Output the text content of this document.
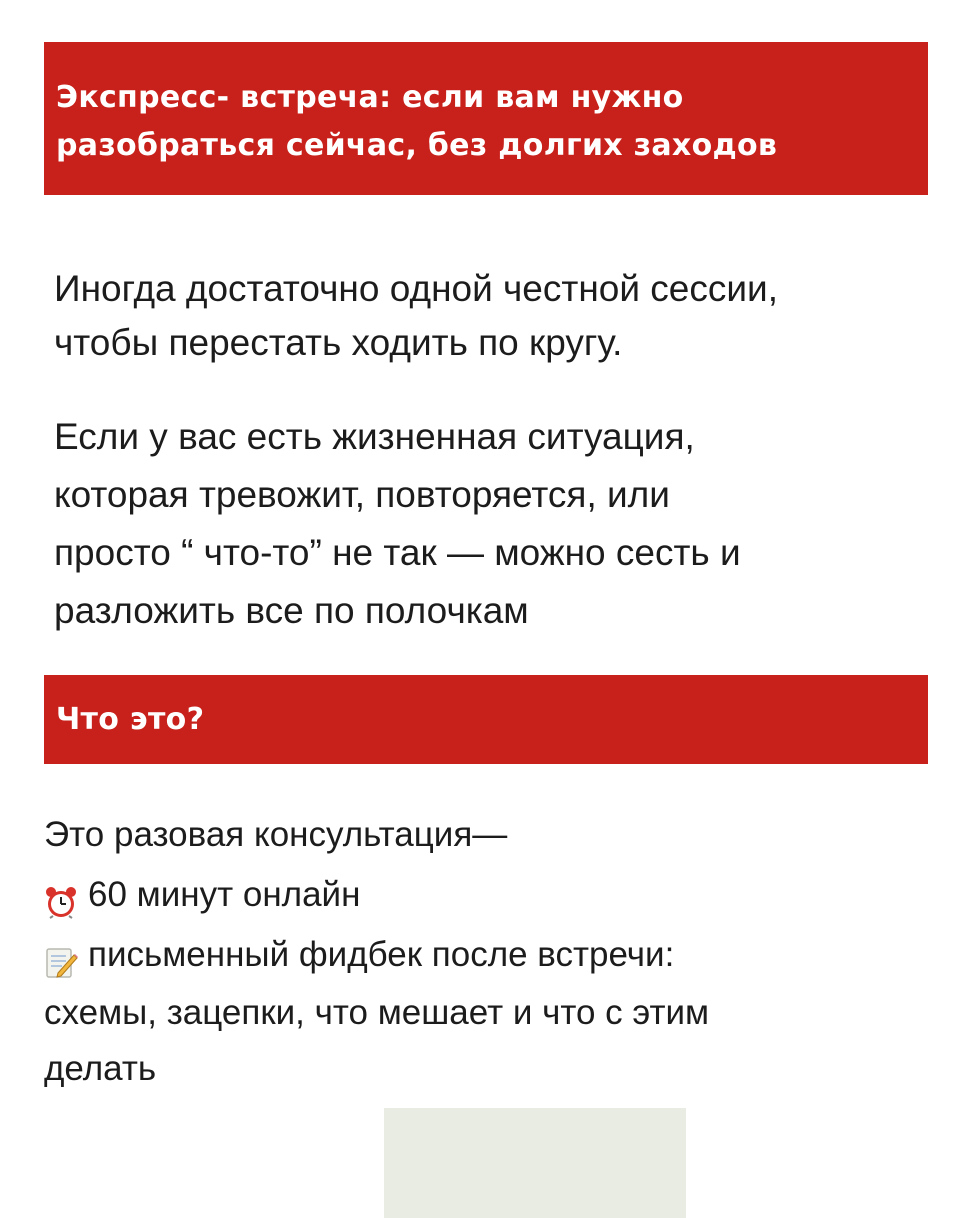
Экспресс- встреча: если вам нужно
разобраться сейчас, без долгих заходов

Иногда достаточно одной честной сессии,
чтобы перестать ходить по кругу.

Если у вас есть жизненная ситуация,
которая тревожит, повторяется, или
просто “ что-то” не так — можно сесть и
разложить все по полочкам

Что это?

Это разовая консультация—
60 минут онлайн
письменный фидбек после встречи:
схемы, зацепки, что мешает и что с этим
делать
